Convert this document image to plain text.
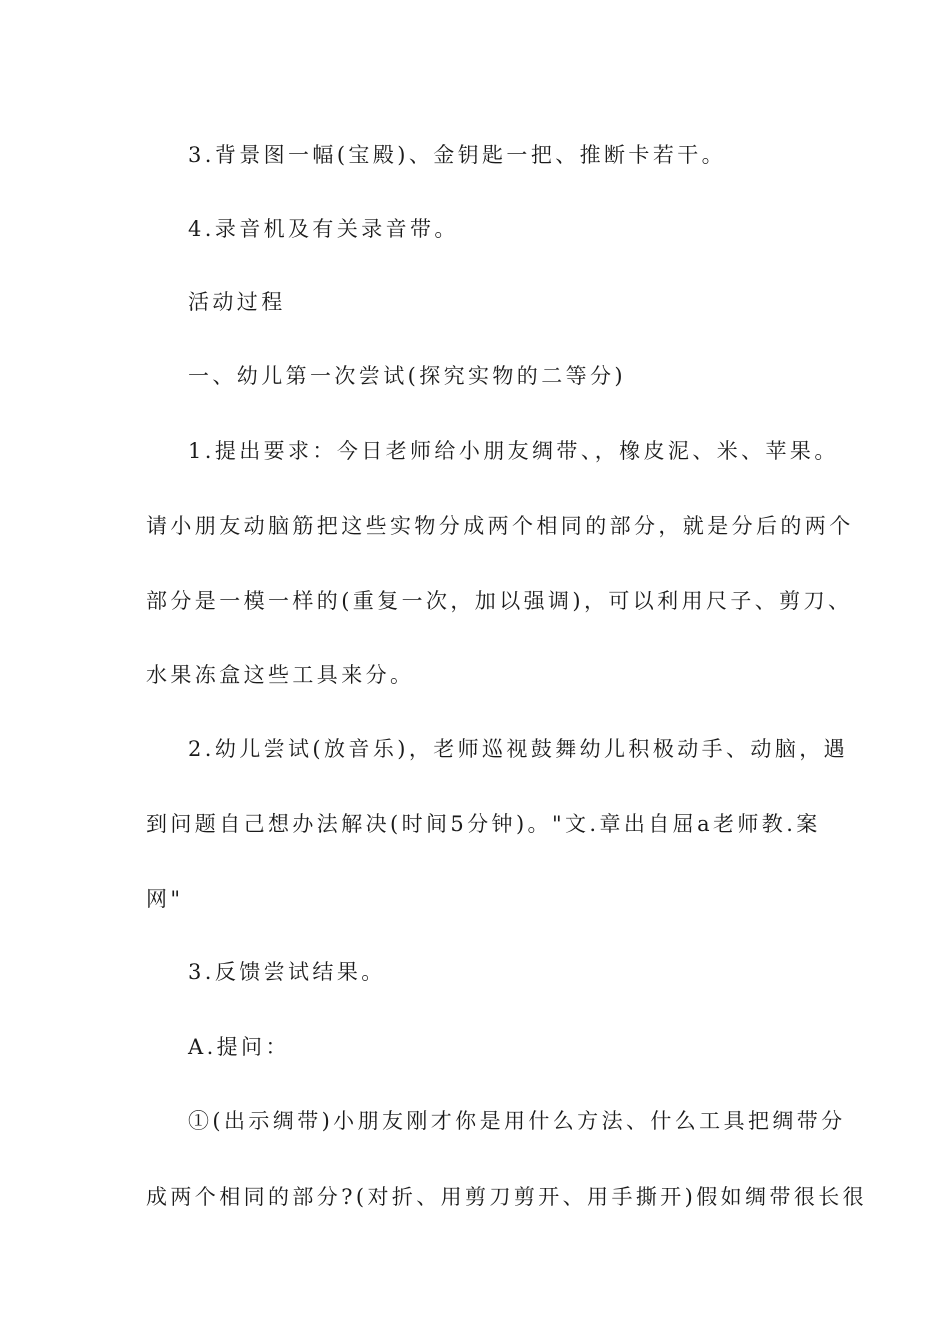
3.背景图一幅(宝殿)、金钥匙一把、推断卡若干。
4.录音机及有关录音带。
活动过程
一、幼儿第一次尝试(探究实物的二等分)
1.提出要求：今日老师给小朋友绸带、，橡皮泥、米、苹果。
请小朋友动脑筋把这些实物分成两个相同的部分，就是分后的两个
部分是一模一样的(重复一次，加以强调)，可以利用尺子、剪刀、
水果冻盒这些工具来分。
2.幼儿尝试(放音乐)，老师巡视鼓舞幼儿积极动手、动脑，遇
到问题自己想办法解决(时间5分钟)。"文.章出自屈a老师教.案
网"
3.反馈尝试结果。
A.提问：
①(出示绸带)小朋友刚才你是用什么方法、什么工具把绸带分
成两个相同的部分?(对折、用剪刀剪开、用手撕开)假如绸带很长很
